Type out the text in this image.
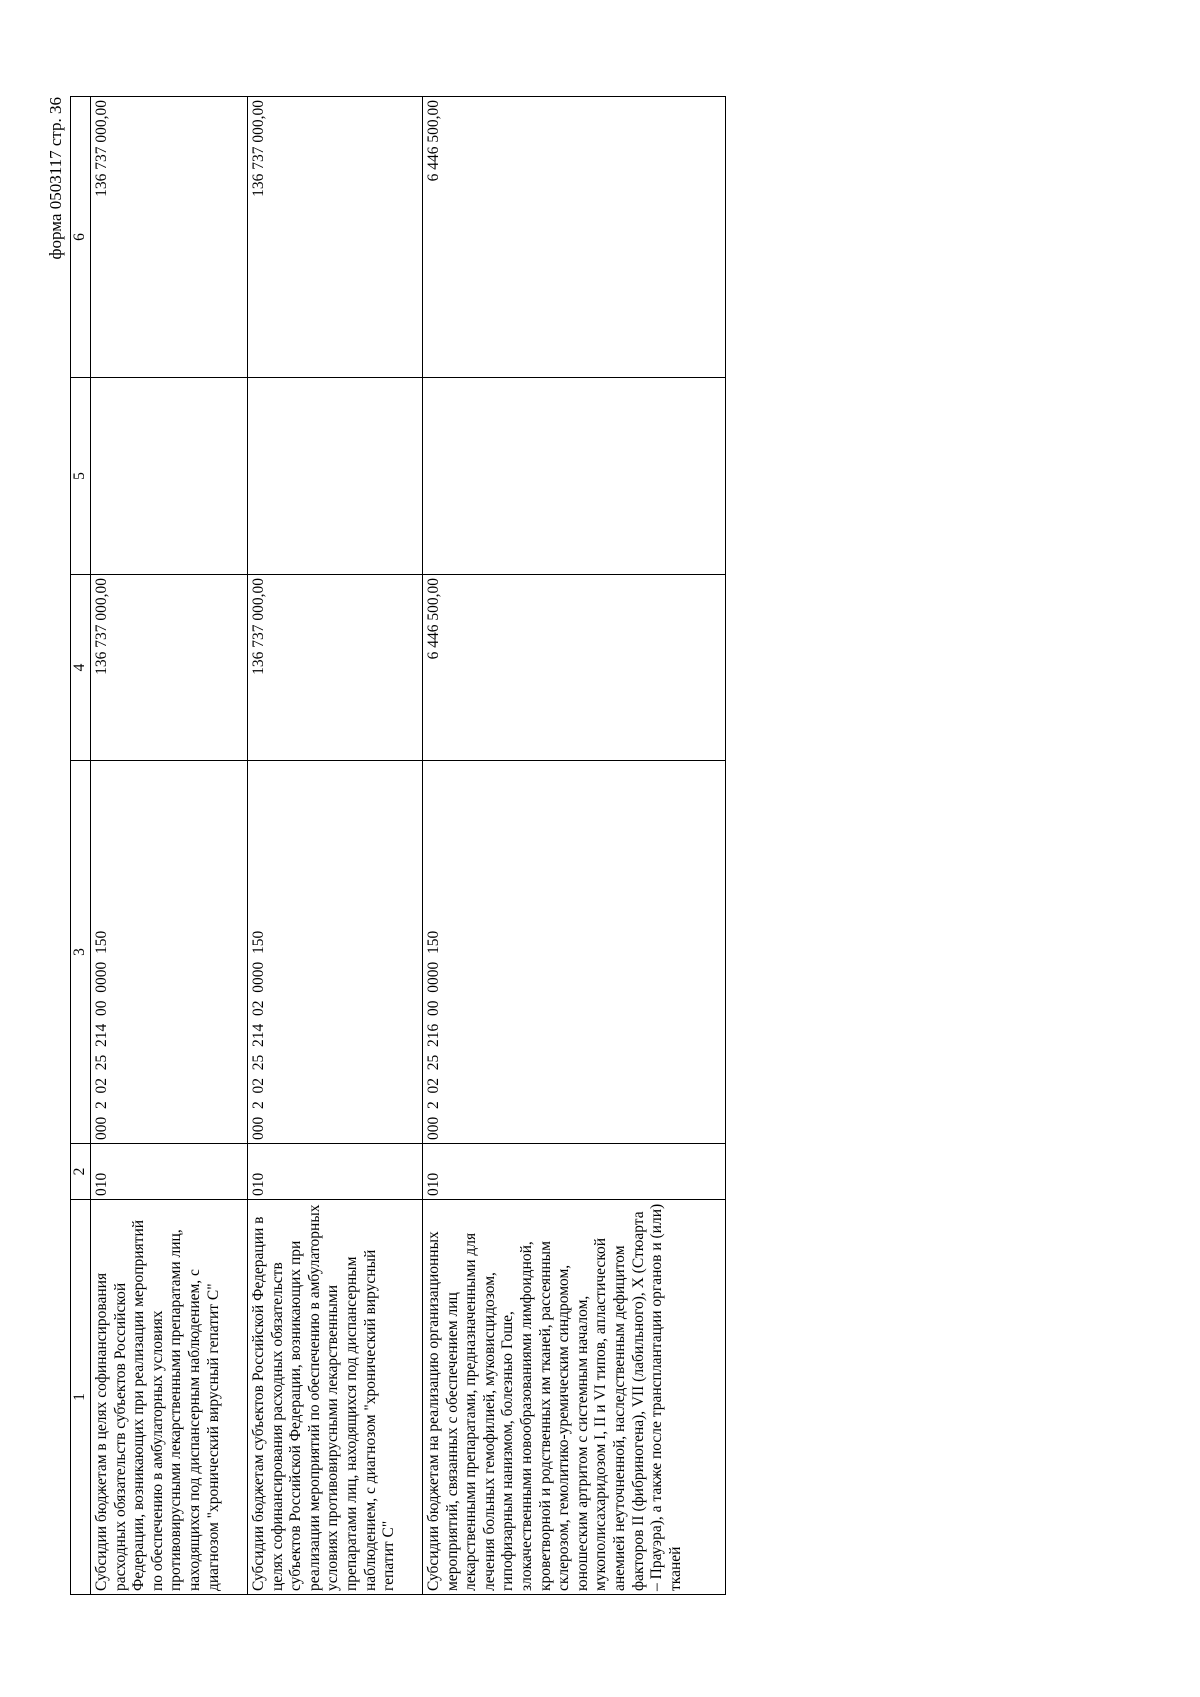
форма 0503117 стр. 36
1	2	3	4	5	6
Субсидии бюджетам в целях софинансирования расходных обязательств субъектов Российской Федерации, возникающих при реализации мероприятий по обеспечению в амбулаторных условиях противовирусными лекарственными препаратами лиц, находящихся под диспансерным наблюдением, с диагнозом "хронический вирусный гепатит С"	010	000  2  02  25  214  00  0000  150	136 737 000,00		136 737 000,00
Субсидии бюджетам субъектов Российской Федерации в целях софинансирования расходных обязательств субъектов Российской Федерации, возникающих при реализации мероприятий по обеспечению в амбулаторных условиях противовирусными лекарственными препаратами лиц, находящихся под диспансерным наблюдением, с диагнозом "хронический вирусный гепатит С"	010	000  2  02  25  214  02  0000  150	136 737 000,00		136 737 000,00
Субсидии бюджетам на реализацию организационных мероприятий, связанных с обеспечением лиц лекарственными препаратами, предназначенными для лечения больных гемофилией, муковисцидозом, гипофизарным нанизмом, болезнью Гоше, злокачественными новообразованиями лимфоидной, кроветворной и родственных им тканей, рассеянным склерозом, гемолитико-уремическим синдромом, юношеским артритом с системным началом, мукополисахаридозом I, II и VI типов, апластической анемией неуточненной, наследственным дефицитом факторов II (фибриногена), VII (лабильного), X (Стюарта – Прауэра), а также после трансплантации органов и (или) тканей	010	000  2  02  25  216  00  0000  150	6 446 500,00		6 446 500,00
